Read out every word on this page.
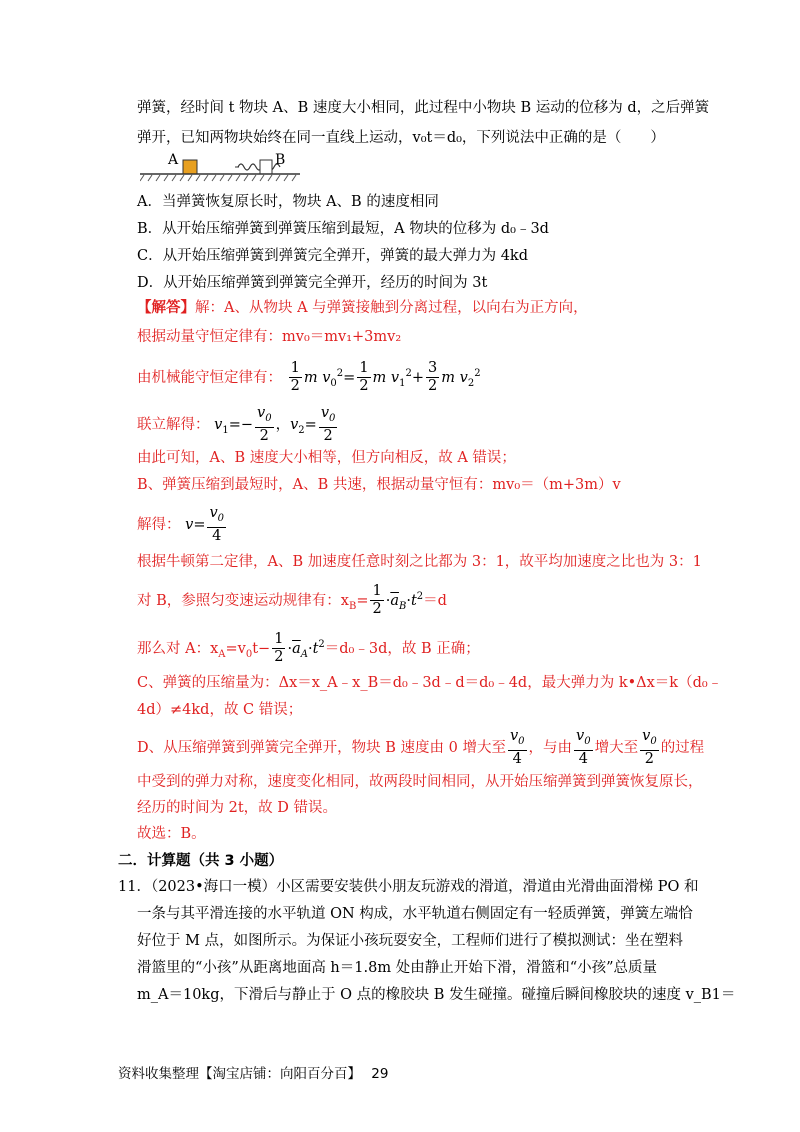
弹簧，经时间 t 物块 A、B 速度大小相同，此过程中小物块 B 运动的位移为 d，之后弹簧
弹开，已知两物块始终在同一直线上运动，v₀t＝d₀，下列说法中正确的是（　　）
A	B
A．当弹簧恢复原长时，物块 A、B 的速度相同
B．从开始压缩弹簧到弹簧压缩到最短，A 物块的位移为 d₀﹣3d
C．从开始压缩弹簧到弹簧完全弹开，弹簧的最大弹力为 4kd
D．从开始压缩弹簧到弹簧完全弹开，经历的时间为 3t
【解答】解：A、从物块 A 与弹簧接触到分离过程，以向右为正方向，
根据动量守恒定律有：mv₀＝mv₁+3mv₂
由机械能守恒定律有： $\frac{1}{2}$ m $v_0^2= \frac{1}{2}$ m $v_1^2+ \frac{3}{2}$ m $v_2^2$
联立解得： $v_1=- \frac{v_0}{2}$ ，$v_2= \frac{v_0}{2}$
由此可知，A、B 速度大小相等，但方向相反，故 A 错误；
B、弹簧压缩到最短时，A、B 共速，根据动量守恒有：mv₀＝（m+3m）v
解得： $v= \frac{v_0}{4}$
根据牛顿第二定律，A、B 加速度任意时刻之比都为 3：1，故平均加速度之比也为 3：1
对 B，参照匀变速运动规律有：$x_B= \frac{1}{2} \cdot\overline{a}_B\cdot t^2=d$
那么对 A：$x_A=v_0t- \frac{1}{2}$ $\cdot\overline{a}_A\cdot t^2=d_0﹣3d$，故 B 正确；
C、弹簧的压缩量为：Δx＝x_A﹣x_B＝d₀﹣3d﹣d＝d₀﹣4d，最大弹力为 k•Δx＝k（d₀﹣
4d）≠4kd，故 C 错误；
D、从压缩弹簧到弹簧完全弹开，物块 B 速度由 0 增大至 $\frac{v_0}{4}$ ，与由 $\frac{v_0}{4}$ 增大至 $\frac{v_0}{2}$ 的过程
中受到的弹力对称，速度变化相同，故两段时间相同，从开始压缩弹簧到弹簧恢复原长，
经历的时间为 2t，故 D 错误。
故选：B。
二．计算题（共 3 小题）
11．（2023•海口一模）小区需要安装供小朋友玩游戏的滑道，滑道由光滑曲面滑梯 PO 和
一条与其平滑连接的水平轨道 ON 构成，水平轨道右侧固定有一轻质弹簧，弹簧左端恰
好位于 M 点，如图所示。为保证小孩玩耍安全，工程师们进行了模拟测试：坐在塑料
滑篮里的“小孩”从距离地面高 h＝1.8m 处由静止开始下滑，滑篮和“小孩”总质量
m_A＝10kg，下滑后与静止于 O 点的橡胶块 B 发生碰撞。碰撞后瞬间橡胶块的速度 v_B1＝
资料收集整理【淘宝店铺：向阳百分百】 29
